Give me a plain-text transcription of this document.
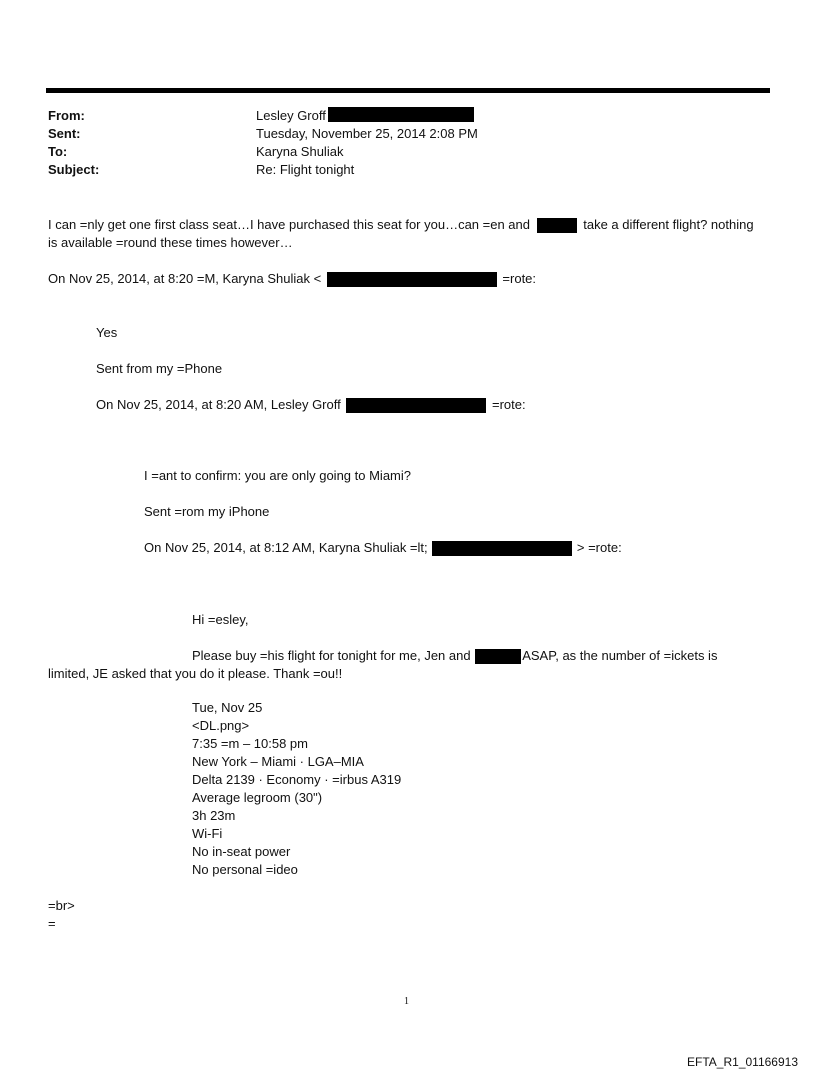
From:	Lesley Groff
Sent:	Tuesday, November 25, 2014 2:08 PM
To:	Karyna Shuliak
Subject:	Re: Flight tonight
I can =nly get one first class seat…I have purchased this seat for you…can =en and	take a different flight? nothing
is available =round these times however…
On Nov 25, 2014, at 8:20 =M, Karyna Shuliak <	=rote:
Yes
Sent from my =Phone
On Nov 25, 2014, at 8:20 AM, Lesley Groff	=rote:
I =ant to confirm: you are only going to Miami?
Sent =rom my iPhone
On Nov 25, 2014, at 8:12 AM, Karyna Shuliak =lt;	> =rote:
Hi =esley,
Please buy =his flight for tonight for me, Jen and	ASAP, as the number of =ickets is
limited, JE asked that you do it please. Thank =ou!!
Tue, Nov 25
<DL.png>
7:35 =m – 10:58 pm
New York – Miami · LGA–MIA
Delta 2139 · Economy · =irbus A319
Average legroom (30")
3h 23m
Wi-Fi
No in-seat power
No personal =ideo
=br>
=
1
EFTA_R1_01166913
